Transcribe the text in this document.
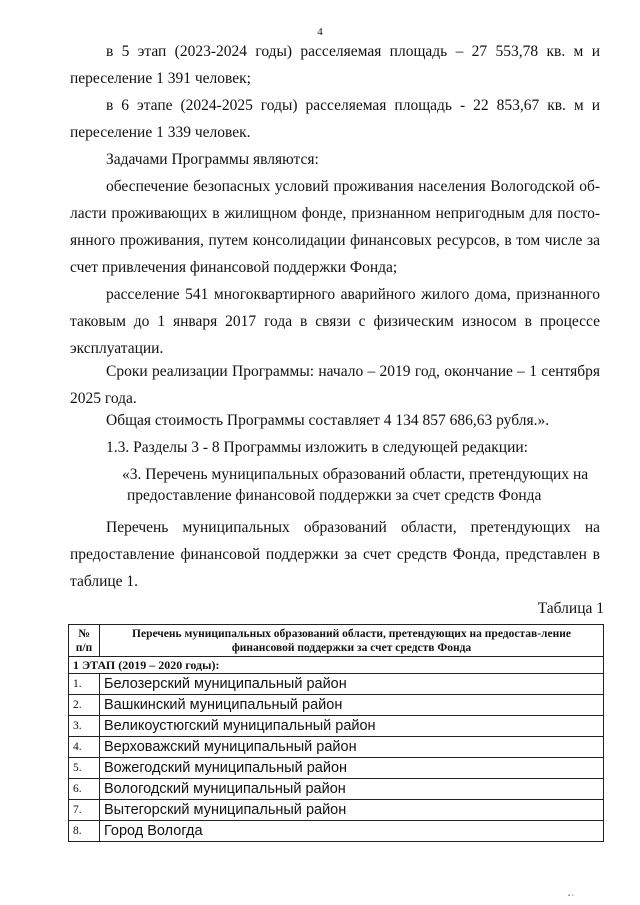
4
в 5 этап (2023-2024 годы) расселяемая площадь – 27 553,78 кв. м и
переселение 1 391 человек;
в 6 этапе (2024-2025 годы) расселяемая площадь - 22 853,67 кв. м и
переселение 1 339 человек.
Задачами Программы являются:
обеспечение безопасных условий проживания населения Вологодской об-
ласти проживающих в жилищном фонде, признанном непригодным для посто-
янного проживания, путем консолидации финансовых ресурсов, в том числе за
счет привлечения финансовой поддержки Фонда;
расселение 541 многоквартирного аварийного жилого дома, признанного
таковым до 1 января 2017 года в связи с физическим износом в процессе
эксплуатации.
Сроки реализации Программы: начало – 2019 год, окончание – 1 сентября
2025 года.
Общая стоимость Программы составляет 4 134 857 686,63 рубля.».
1.3. Разделы 3 - 8 Программы изложить в следующей редакции:
«3. Перечень муниципальных образований области, претендующих на
предоставление финансовой поддержки за счет средств Фонда
Перечень муниципальных образований области, претендующих на
предоставление финансовой поддержки за счет средств Фонда, представлен в
таблице 1.
Таблица 1
№ п/п	Перечень муниципальных образований области, претендующих на предостав-ление финансовой поддержки за счет средств Фонда
1 ЭТАП (2019 – 2020 годы):	
1.	Белозерский муниципальный район
2.	Вашкинский муниципальный район
3.	Великоустюгский муниципальный район
4.	Верховажский муниципальный район
5.	Вожегодский муниципальный район
6.	Вологодский муниципальный район
7.	Вытегорский муниципальный район
8.	Город Вологда
▪ ▫
